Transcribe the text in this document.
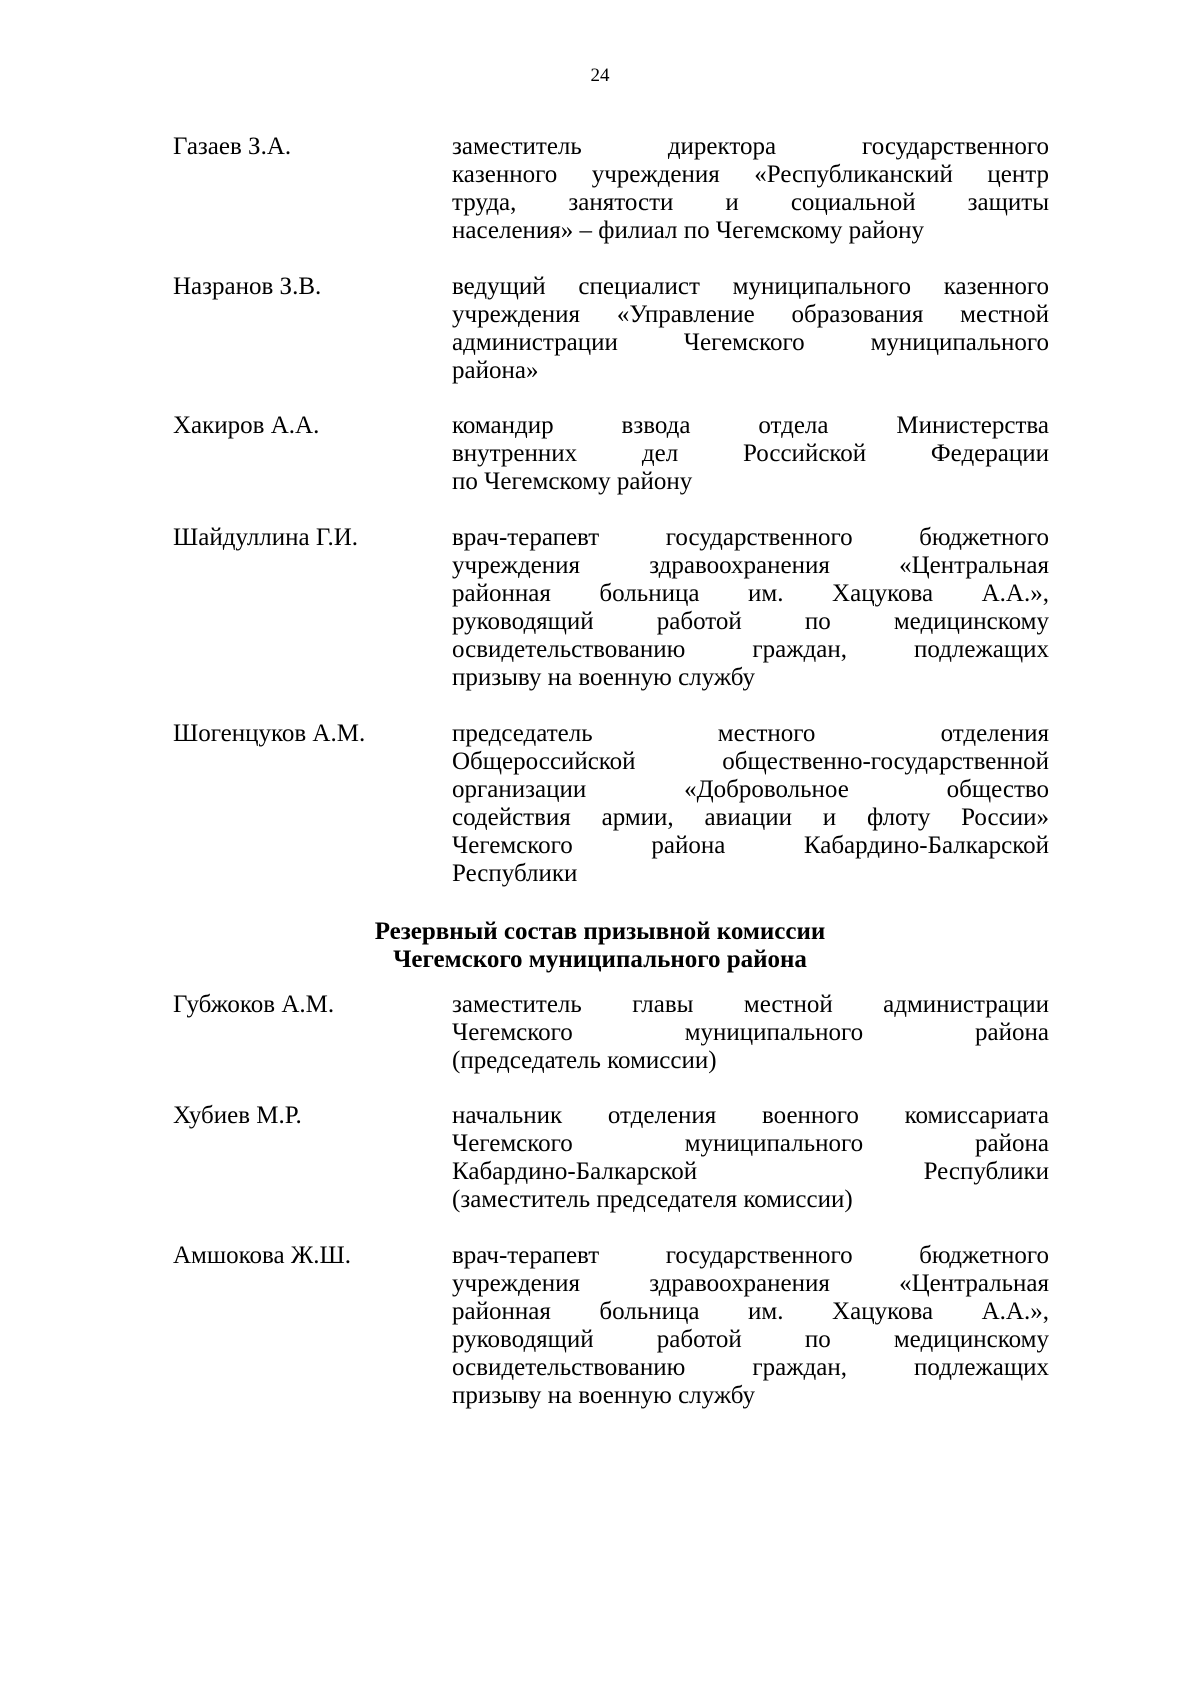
24
Газаев З.А.	заместитель директора государственного
казенного учреждения «Республиканский центр
труда, занятости и социальной защиты
населения» – филиал по Чегемскому району
Назранов З.В.	ведущий специалист муниципального казенного
учреждения «Управление образования местной
администрации Чегемского муниципального
района»
Хакиров А.А.	командир взвода отдела Министерства
внутренних дел Российской Федерации
по Чегемскому району
Шайдуллина Г.И.	врач-терапевт государственного бюджетного
учреждения здравоохранения «Центральная
районная больница им. Хацукова А.А.»,
руководящий работой по медицинскому
освидетельствованию граждан, подлежащих
призыву на военную службу
Шогенцуков А.М.	председатель местного отделения
Общероссийской общественно-государственной
организации «Добровольное общество
содействия армии, авиации и флоту России»
Чегемского района Кабардино-Балкарской
Республики
Резервный состав призывной комиссии
Чегемского муниципального района
Губжоков А.М.	заместитель главы местной администрации
Чегемского муниципального района
(председатель комиссии)
Хубиев М.Р.	начальник отделения военного комиссариата
Чегемского муниципального района
Кабардино-Балкарской Республики
(заместитель председателя комиссии)
Амшокова Ж.Ш.	врач-терапевт государственного бюджетного
учреждения здравоохранения «Центральная
районная больница им. Хацукова А.А.»,
руководящий работой по медицинскому
освидетельствованию граждан, подлежащих
призыву на военную службу
